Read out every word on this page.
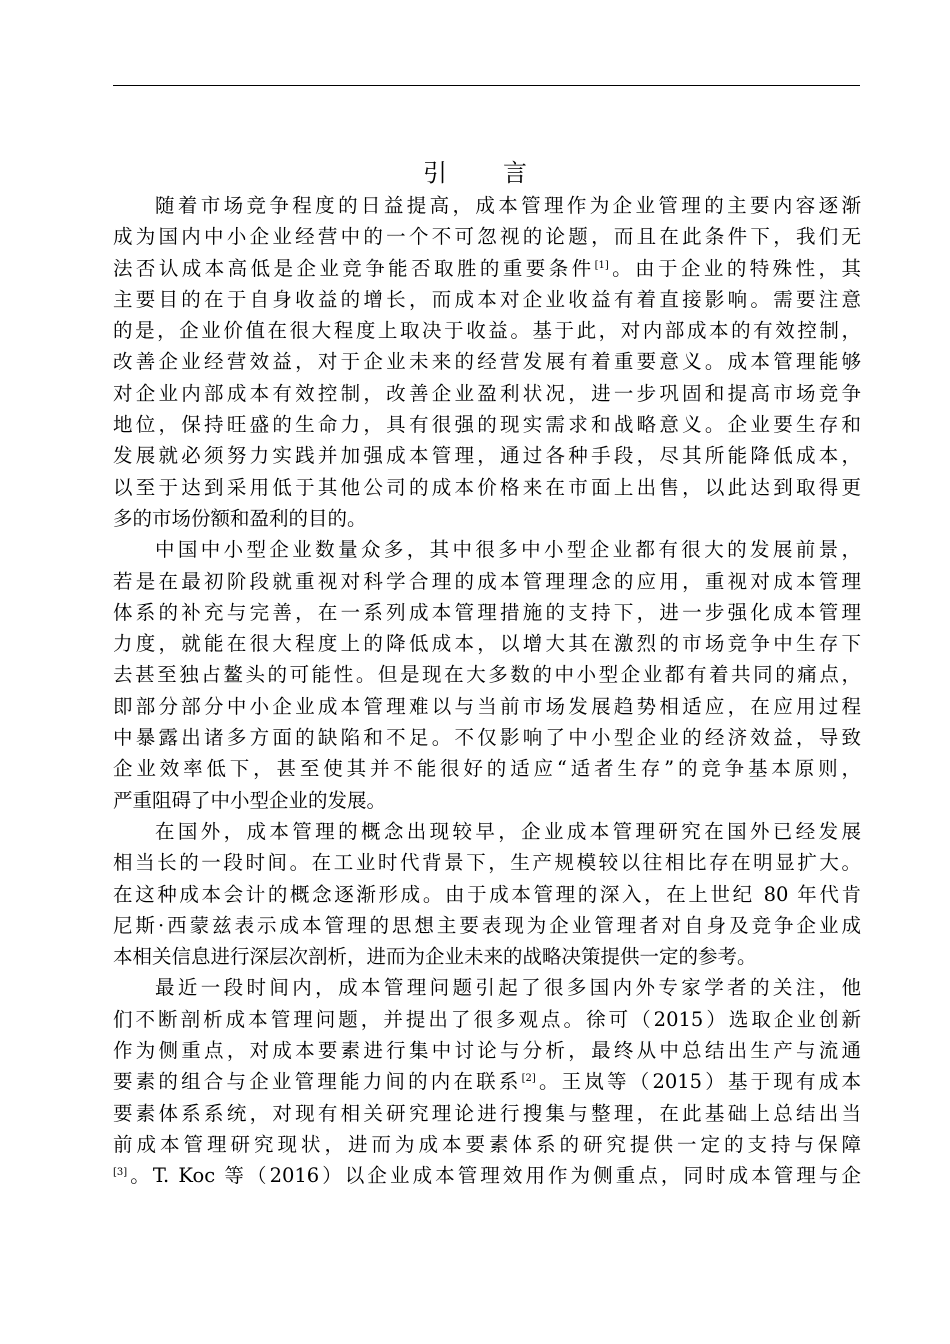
引 言
随着市场竞争程度的日益提高，成本管理作为企业管理的主要内容逐渐
成为国内中小企业经营中的一个不可忽视的论题，而且在此条件下，我们无
法否认成本高低是企业竞争能否取胜的重要条件[1]。由于企业的特殊性，其
主要目的在于自身收益的增长，而成本对企业收益有着直接影响。需要注意
的是，企业价值在很大程度上取决于收益。基于此，对内部成本的有效控制，
改善企业经营效益，对于企业未来的经营发展有着重要意义。成本管理能够
对企业内部成本有效控制，改善企业盈利状况，进一步巩固和提高市场竞争
地位，保持旺盛的生命力，具有很强的现实需求和战略意义。企业要生存和
发展就必须努力实践并加强成本管理，通过各种手段，尽其所能降低成本，
以至于达到采用低于其他公司的成本价格来在市面上出售，以此达到取得更
多的市场份额和盈利的目的。
中国中小型企业数量众多，其中很多中小型企业都有很大的发展前景，
若是在最初阶段就重视对科学合理的成本管理理念的应用，重视对成本管理
体系的补充与完善，在一系列成本管理措施的支持下，进一步强化成本管理
力度，就能在很大程度上的降低成本，以增大其在激烈的市场竞争中生存下
去甚至独占鳌头的可能性。但是现在大多数的中小型企业都有着共同的痛点，
即部分部分中小企业成本管理难以与当前市场发展趋势相适应，在应用过程
中暴露出诸多方面的缺陷和不足。不仅影响了中小型企业的经济效益，导致
企业效率低下，甚至使其并不能很好的适应“适者生存”的竞争基本原则，
严重阻碍了中小型企业的发展。
在国外，成本管理的概念出现较早，企业成本管理研究在国外已经发展
相当长的一段时间。在工业时代背景下，生产规模较以往相比存在明显扩大。
在这种成本会计的概念逐渐形成。由于成本管理的深入，在上世纪 80 年代肯
尼斯·西蒙兹表示成本管理的思想主要表现为企业管理者对自身及竞争企业成
本相关信息进行深层次剖析，进而为企业未来的战略决策提供一定的参考。
最近一段时间内，成本管理问题引起了很多国内外专家学者的关注，他
们不断剖析成本管理问题，并提出了很多观点。徐可（2015）选取企业创新
作为侧重点，对成本要素进行集中讨论与分析，最终从中总结出生产与流通
要素的组合与企业管理能力间的内在联系[2]。王岚等（2015）基于现有成本
要素体系系统，对现有相关研究理论进行搜集与整理，在此基础上总结出当
前成本管理研究现状，进而为成本要素体系的研究提供一定的支持与保障
[3]。T. Koc 等（2016）以企业成本管理效用作为侧重点，同时成本管理与企
